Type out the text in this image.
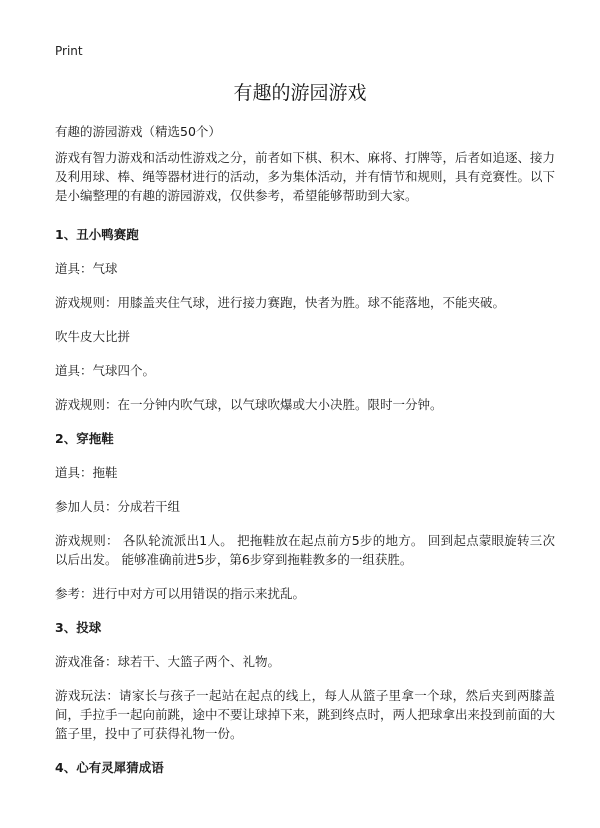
Print
有趣的游园游戏
有趣的游园游戏（精选50个）

游戏有智力游戏和活动性游戏之分，前者如下棋、积木、麻将、打牌等，后者如追逐、接力及利用球、棒、绳等器材进行的活动，多为集体活动，并有情节和规则，具有竞赛性。以下是小编整理的有趣的游园游戏，仅供参考，希望能够帮助到大家。

1、丑小鸭赛跑

道具：气球

游戏规则：用膝盖夹住气球，进行接力赛跑，快者为胜。球不能落地，不能夹破。

吹牛皮大比拼

道具：气球四个。

游戏规则：在一分钟内吹气球，以气球吹爆或大小决胜。限时一分钟。

2、穿拖鞋

道具：拖鞋

参加人员：分成若干组

游戏规则： 各队轮流派出1人。 把拖鞋放在起点前方5步的地方。 回到起点蒙眼旋转三次以后出发。 能够准确前进5步，第6步穿到拖鞋教多的一组获胜。

参考：进行中对方可以用错误的指示来扰乱。

3、投球

游戏准备：球若干、大篮子两个、礼物。

游戏玩法：请家长与孩子一起站在起点的线上，每人从篮子里拿一个球，然后夹到两膝盖间，手拉手一起向前跳，途中不要让球掉下来，跳到终点时，两人把球拿出来投到前面的大篮子里，投中了可获得礼物一份。

4、心有灵犀猜成语
